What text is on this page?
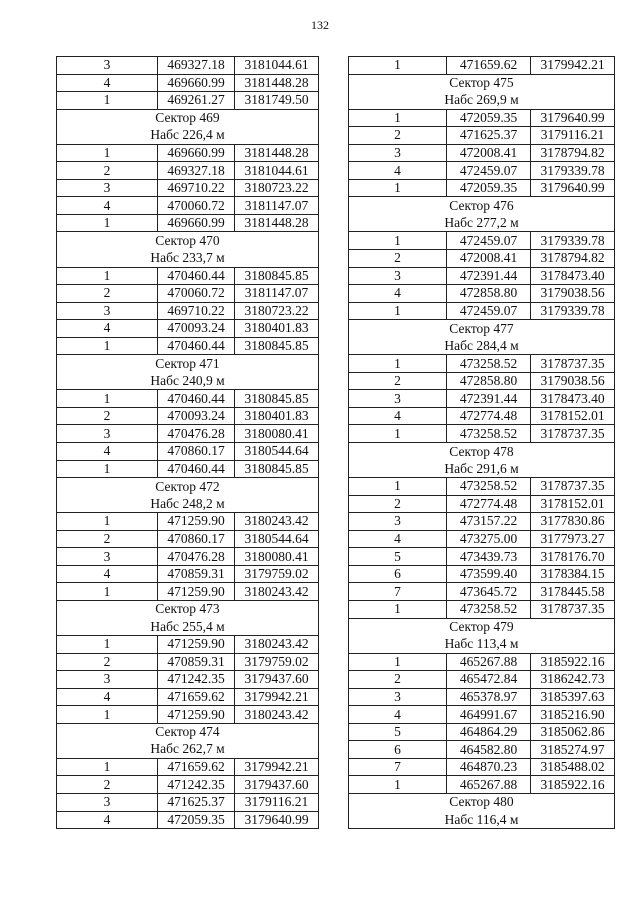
132
3	469327.18	3181044.61
4	469660.99	3181448.28
1	469261.27	3181749.50
Сектор 469		
Набс 226,4 м		
1	469660.99	3181448.28
2	469327.18	3181044.61
3	469710.22	3180723.22
4	470060.72	3181147.07
1	469660.99	3181448.28
Сектор 470		
Набс 233,7 м		
1	470460.44	3180845.85
2	470060.72	3181147.07
3	469710.22	3180723.22
4	470093.24	3180401.83
1	470460.44	3180845.85
Сектор 471		
Набс 240,9 м		
1	470460.44	3180845.85
2	470093.24	3180401.83
3	470476.28	3180080.41
4	470860.17	3180544.64
1	470460.44	3180845.85
Сектор 472		
Набс 248,2 м		
1	471259.90	3180243.42
2	470860.17	3180544.64
3	470476.28	3180080.41
4	470859.31	3179759.02
1	471259.90	3180243.42
Сектор 473		
Набс 255,4 м		
1	471259.90	3180243.42
2	470859.31	3179759.02
3	471242.35	3179437.60
4	471659.62	3179942.21
1	471259.90	3180243.42
Сектор 474		
Набс 262,7 м		
1	471659.62	3179942.21
2	471242.35	3179437.60
3	471625.37	3179116.21
4	472059.35	3179640.99
1	471659.62	3179942.21
Сектор 475		
Набс 269,9 м		
1	472059.35	3179640.99
2	471625.37	3179116.21
3	472008.41	3178794.82
4	472459.07	3179339.78
1	472059.35	3179640.99
Сектор 476		
Набс 277,2 м		
1	472459.07	3179339.78
2	472008.41	3178794.82
3	472391.44	3178473.40
4	472858.80	3179038.56
1	472459.07	3179339.78
Сектор 477		
Набс 284,4 м		
1	473258.52	3178737.35
2	472858.80	3179038.56
3	472391.44	3178473.40
4	472774.48	3178152.01
1	473258.52	3178737.35
Сектор 478		
Набс 291,6 м		
1	473258.52	3178737.35
2	472774.48	3178152.01
3	473157.22	3177830.86
4	473275.00	3177973.27
5	473439.73	3178176.70
6	473599.40	3178384.15
7	473645.72	3178445.58
1	473258.52	3178737.35
Сектор 479		
Набс 113,4 м		
1	465267.88	3185922.16
2	465472.84	3186242.73
3	465378.97	3185397.63
4	464991.67	3185216.90
5	464864.29	3185062.86
6	464582.80	3185274.97
7	464870.23	3185488.02
1	465267.88	3185922.16
Сектор 480		
Набс 116,4 м		
